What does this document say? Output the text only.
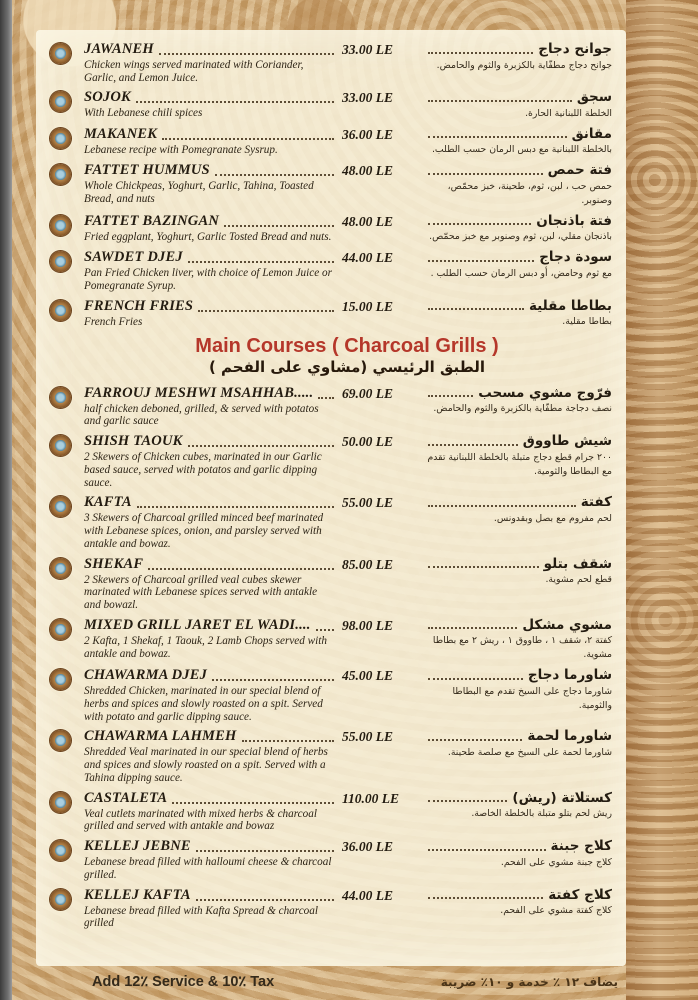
JAWANEH
Chicken wings served marinated with Coriander, Garlic, and Lemon Juice.
33.00 LE	جوانح دجاج
جوانح دجاج مطفّاية بالكزبرة والثوم والحامض.
SOJOK
With Lebanese chili spices
33.00 LE	سجق
الخلطة اللبنانية الحارة.
MAKANEK
Lebanese recipe with Pomegranate Sysrup.
36.00 LE	مقانق
بالخلطة اللبنانية مع دبس الرمان حسب الطلب.
FATTET HUMMUS
Whole Chickpeas, Yoghurt, Garlic, Tahina, Toasted Bread, and nuts
48.00 LE	فتة حمص
حمص حب ، لبن، ثوم، طحينة، خبز محمّص، وصنوبر.
FATTET BAZINGAN
Fried eggplant, Yoghurt, Garlic Tosted Bread and nuts.
48.00 LE	فتة باذنجان
باذنجان مقلي، لبن، ثوم وصنوبر مع خبز محمّص.
SAWDET DJEJ
Pan Fried Chicken liver, with choice of Lemon Juice or Pomegranate Syrup.
44.00 LE	سودة دجاج
مع ثوم وحامض، أو دبس الرمان حسب الطلب .
FRENCH FRIES
French Fries
15.00 LE	بطاطا مقلية
بطاطا مقلية.
Main Courses ( Charcoal Grills )
الطبق الرئيسي (مشاوي على الفحم )
FARROUJ MESHWI MSAHHAB.....
half chicken deboned, grilled, & served with potatos and garlic sauce
69.00 LE	فرّوج مشوي مسحب
نصف دجاجة مطفّاية بالكزبرة والثوم والحامض.
SHISH TAOUK
2 Skewers of Chicken cubes, marinated in our Garlic based sauce, served with potatos and garlic dipping sauce.
50.00 LE	شيش طاووق
٢٠٠ جرام قطع دجاج متبلة بالخلطة اللبنانية تقدم مع البطاطا والثومية.
KAFTA
3 Skewers of Charcoal grilled minced beef marinated with Lebanese spices, onion, and parsley served with antakle and bowaz.
55.00 LE	كفتة
لحم مفروم مع بصل وبقدونس.
SHEKAF
2 Skewers of Charcoal grilled veal cubes skewer marinated with Lebanese spices served with antakle and bowazl.
85.00 LE	شقف بتلو
قطع لحم مشوية.
MIXED GRILL JARET EL WADI....
2 Kafta, 1 Shekaf, 1 Taouk, 2 Lamb Chops served with antakle and bowaz.
98.00 LE	مشوي مشكل
كفتة ٢، شقف ١ ، طاووق ١ ، ريش ٢ مع بطاطا مشوية.
CHAWARMA DJEJ
Shredded Chicken, marinated in our special blend of herbs and spices and slowly roasted on a spit. Served with potato and garlic dipping sauce.
45.00 LE	شاورما دجاج
شاورما دجاج على السيخ تقدم مع البطاطا والثومية.
CHAWARMA LAHMEH
Shredded Veal marinated in our special blend of herbs and spices and slowly roasted on a spit. Served with a Tahina dipping sauce.
55.00 LE	شاورما لحمة
شاورما لحمة على السيخ مع صلصة طحينة.
CASTALETA
Veal cutlets marinated with mixed herbs & charcoal grilled and served with antakle and bowaz
110.00 LE	كستلاتة (ريش)
ريش لحم بتلو متبلة بالخلطة الخاصة.
KELLEJ JEBNE
Lebanese bread filled with halloumi cheese & charcoal grilled.
36.00 LE	كلاج جبنة
كلاج جبنة مشوي على الفحم.
KELLEJ KAFTA
Lebanese bread filled with Kafta Spread & charcoal grilled
44.00 LE	كلاج كفتة
كلاج كفتة مشوي على الفحم.
Add 12٪ Service & 10٪ Tax	يضاف ١٢ ٪ خدمة و ١٠٪ ضريبة
